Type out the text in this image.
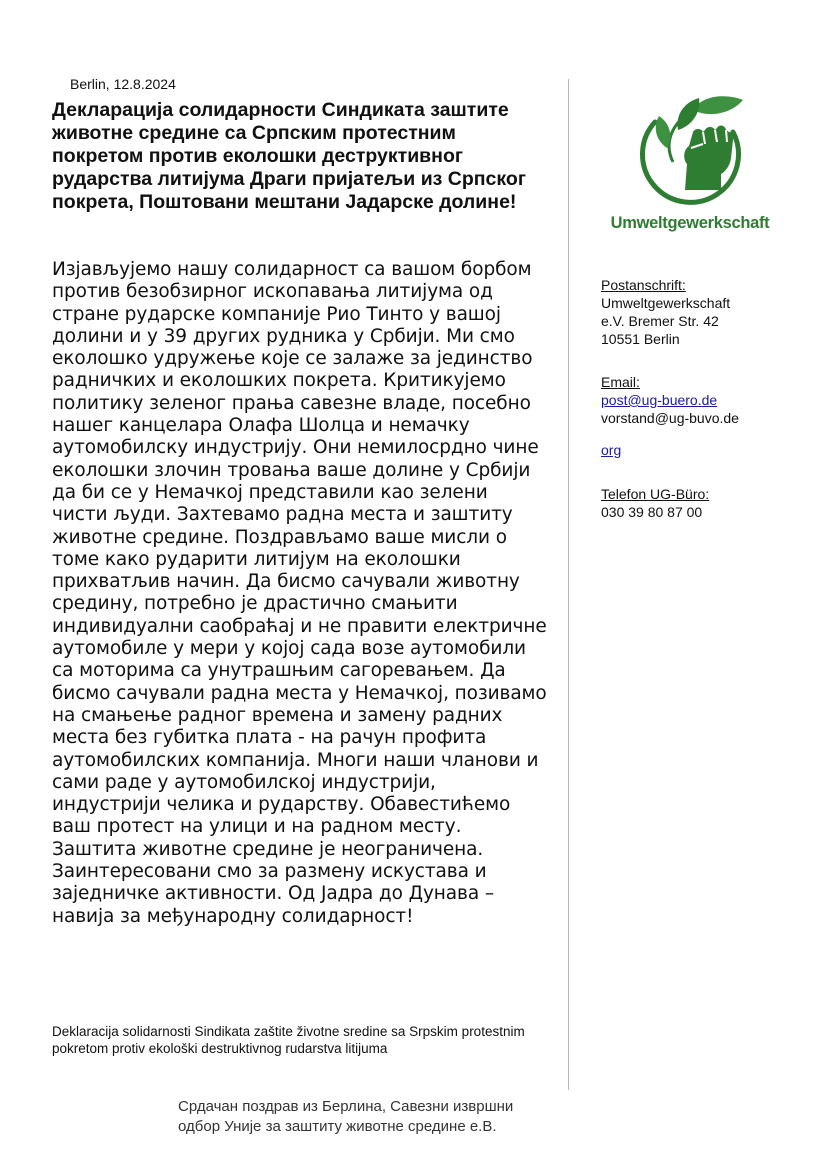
Berlin, 12.8.2024
Декларација солидарности Синдиката заштите животне средине са Српским протестним покретом против еколошки деструктивног рударства литијума Драги пријатељи из Српског покрета, Поштовани мештани Јадарске долине!

Изјављујемо нашу солидарност са вашом борбом против безобзирног ископавања литијума од стране рударске компаније Рио Тинто у вашој долини и у 39 других рудника у Србији. Ми смо еколошко удружење које се залаже за јединство радничких и еколошких покрета. Критикујемо политику зеленог прања савезне владе, посебно нашег канцелара Олафа Шолца и немачку аутомобилску индустрију. Они немилосрдно чине еколошки злочин тровања ваше долине у Србији да би се у Немачкој представили као зелени чисти људи. Захтевамо радна места и заштиту животне средине. Поздрављамо ваше мисли о томе како рударити литијум на еколошки прихватљив начин. Да бисмо сачували животну средину, потребно је драстично смањити индивидуални саобраћај и не правити електричне аутомобиле у мери у којој сада возе аутомобили са моторима са унутрашњим сагоревањем. Да бисмо сачували радна места у Немачкој, позивамо на смањење радног времена и замену радних места без губитка плата - на рачун профита аутомобилских компанија. Многи наши чланови и сами раде у аутомобилској индустрији, индустрији челика и рударству. Обавестићемо ваш протест на улици и на радном месту. Заштита животне средине је неограничена. Заинтересовани смо за размену искустава и заједничке активности. Од Јадра до Дунава – навија за међународну солидарност!

Deklaracija solidarnosti Sindikata zaštite životne sredine sa Srpskim protestnim pokretom protiv ekološki destruktivnog rudarstva litijuma

Срдачан поздрав из Берлина, Савезни извршни одбор Уније за заштиту животне средине е.В.

Umweltgewerkschaft
Postanschrift:
Umweltgewerkschaft
e.V. Bremer Str. 42
10551 Berlin
Email:
post@ug-buero.de
vorstand@ug-buvo.de
org
Telefon UG-Büro:
030 39 80 87 00
